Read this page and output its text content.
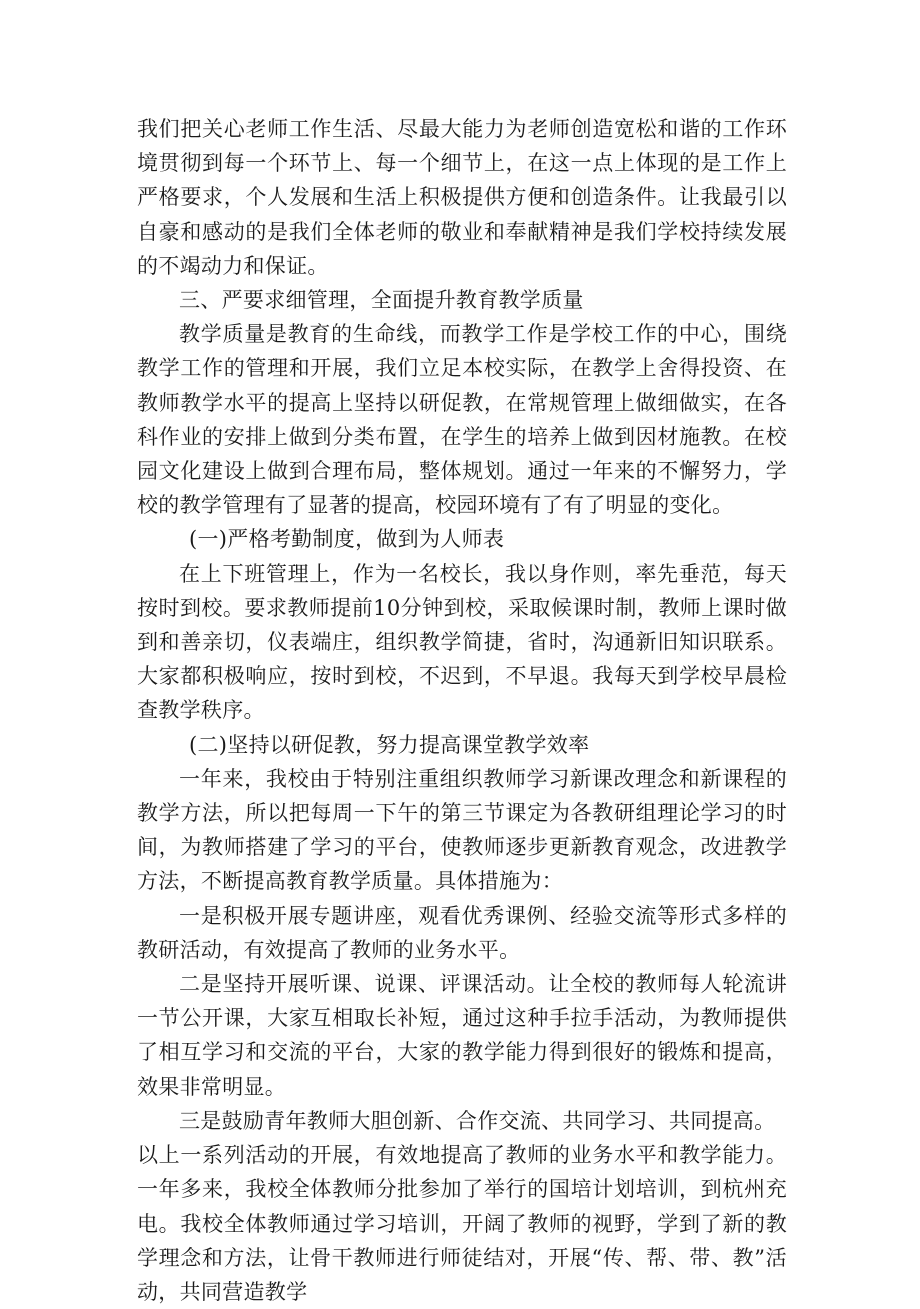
我们把关心老师工作生活、尽最大能力为老师创造宽松和谐的工作环境贯彻到每一个环节上、每一个细节上，在这一点上体现的是工作上严格要求，个人发展和生活上积极提供方便和创造条件。让我最引以自豪和感动的是我们全体老师的敬业和奉献精神是我们学校持续发展的不竭动力和保证。

三、严要求细管理，全面提升教育教学质量

教学质量是教育的生命线，而教学工作是学校工作的中心，围绕教学工作的管理和开展，我们立足本校实际，在教学上舍得投资、在教师教学水平的提高上坚持以研促教，在常规管理上做细做实，在各科作业的安排上做到分类布置，在学生的培养上做到因材施教。在校园文化建设上做到合理布局，整体规划。通过一年来的不懈努力，学校的教学管理有了显著的提高，校园环境有了有了明显的变化。

(一)严格考勤制度，做到为人师表

在上下班管理上，作为一名校长，我以身作则，率先垂范，每天按时到校。要求教师提前10分钟到校，采取候课时制，教师上课时做到和善亲切，仪表端庄，组织教学简捷，省时，沟通新旧知识联系。大家都积极响应，按时到校，不迟到，不早退。我每天到学校早晨检查教学秩序。

(二)坚持以研促教，努力提高课堂教学效率

一年来，我校由于特别注重组织教师学习新课改理念和新课程的教学方法，所以把每周一下午的第三节课定为各教研组理论学习的时间，为教师搭建了学习的平台，使教师逐步更新教育观念，改进教学方法，不断提高教育教学质量。具体措施为：

一是积极开展专题讲座，观看优秀课例、经验交流等形式多样的教研活动，有效提高了教师的业务水平。

二是坚持开展听课、说课、评课活动。让全校的教师每人轮流讲一节公开课，大家互相取长补短，通过这种手拉手活动，为教师提供了相互学习和交流的平台，大家的教学能力得到很好的锻炼和提高，效果非常明显。

三是鼓励青年教师大胆创新、合作交流、共同学习、共同提高。

以上一系列活动的开展，有效地提高了教师的业务水平和教学能力。一年多来，我校全体教师分批参加了举行的国培计划培训，到杭州充电。我校全体教师通过学习培训，开阔了教师的视野，学到了新的教学理念和方法，让骨干教师进行师徒结对，开展“传、帮、带、教”活动，共同营造教学
